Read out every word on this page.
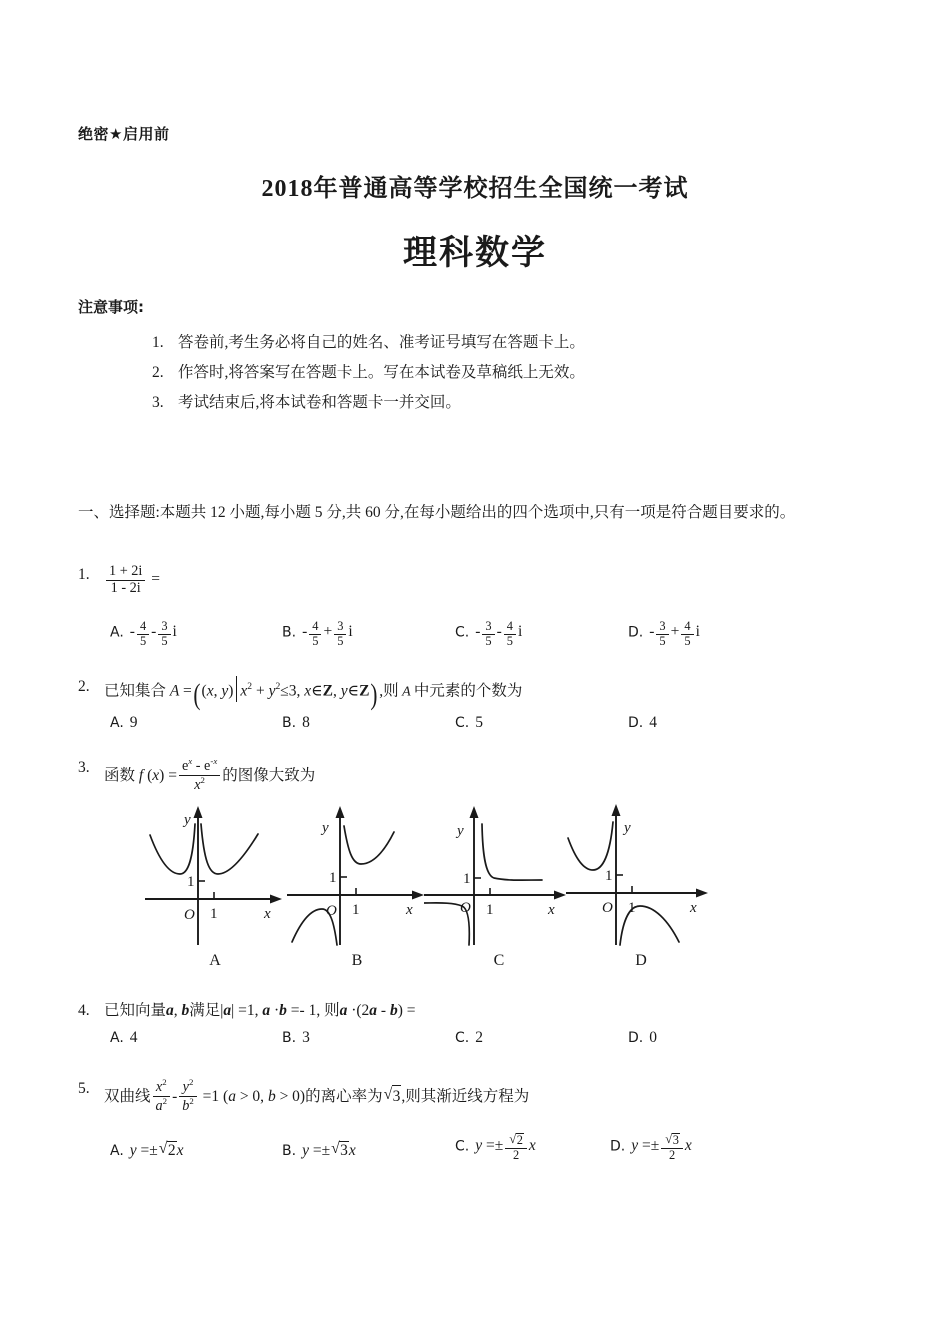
绝密★启用前
2018年普通高等学校招生全国统一考试
理科数学
注意事项:
1. 答卷前,考生务必将自己的姓名、准考证号填写在答题卡上。
2. 作答时,将答案写在答题卡上。写在本试卷及草稿纸上无效。
3. 考试结束后,将本试卷和答题卡一并交回。
一、选择题:本题共 12 小题,每小题 5 分,共 60 分,在每小题给出的四个选项中,只有一项是符合题目要求的。
1. $\frac{1 + 2i}{1 - 2i}$ =
A. - $\frac{4}{5} - \frac{3}{5}$ i	B. - $\frac{4}{5} + \frac{3}{5}$ i	C. - $\frac{3}{5} - \frac{4}{5}$ i	D. - $\frac{3}{5} + \frac{4}{5}$ i
2. 已知集合 A =((x, y) $x^2 + y^2\le 3$, x∈Z, y∈Z),则 A 中元素的个数为
A. 9	B. 8	C. 5	D. 4
3. 函数 f $(x) = \frac{e^x - e^{-x}}{x^2}$ 的图像大致为
1
1
O	x
y
A
1
1
O	x
y
B
1
1
O	x
y
C
1
1
O	x
y
D
4. 已知向量a, b满足|a| =1, a ·b =- 1, 则a ·(2a - b) =
A. 4	B. 3	C. 2	D. 0
5. 双曲线 $\frac{x^2}{a^2} - \frac{y^2}{b^2} =1$ (a > 0, b > 0)的离心率为 √ 3,则其渐近线方程为
A. y =± √ 2x	B. y =± √ 3x	C. y =± √ $\frac{2}{2}$ x	D. y =± √ $\frac{3}{2}$ x
